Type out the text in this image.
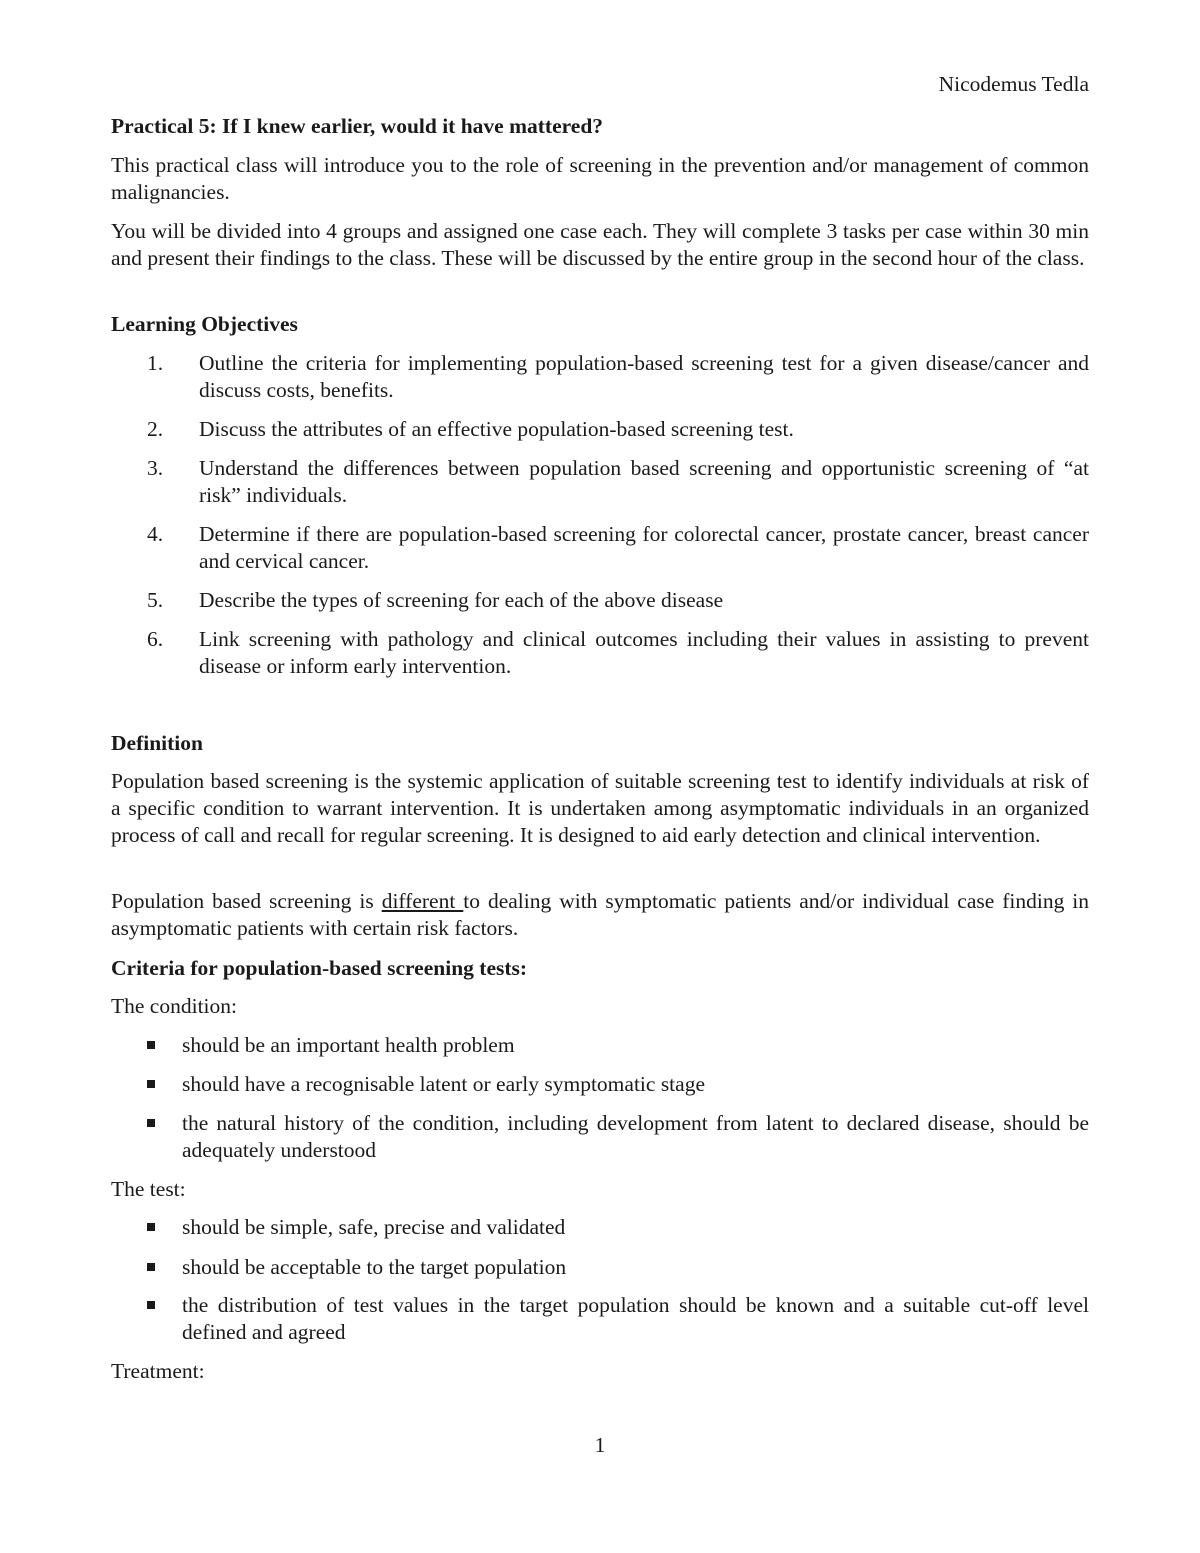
Nicodemus Tedla
Practical 5: If I knew earlier, would it have mattered?
This practical class will introduce you to the role of screening in the prevention and/or management of common malignancies.
You will be divided into 4 groups and assigned one case each. They will complete 3 tasks per case within 30 min and present their findings to the class. These will be discussed by the entire group in the second hour of the class.
Learning Objectives
1. Outline the criteria for implementing population-based screening test for a given disease/cancer and discuss costs, benefits.
2. Discuss the attributes of an effective population-based screening test.
3. Understand the differences between population based screening and opportunistic screening of “at risk” individuals.
4. Determine if there are population-based screening for colorectal cancer, prostate cancer, breast cancer and cervical cancer.
5. Describe the types of screening for each of the above disease
6. Link screening with pathology and clinical outcomes including their values in assisting to prevent disease or inform early intervention.
Definition
Population based screening is the systemic application of suitable screening test to identify individuals at risk of a specific condition to warrant intervention. It is undertaken among asymptomatic individuals in an organized process of call and recall for regular screening. It is designed to aid early detection and clinical intervention.
Population based screening is different to dealing with symptomatic patients and/or individual case finding in asymptomatic patients with certain risk factors.
Criteria for population-based screening tests:
The condition:
should be an important health problem
should have a recognisable latent or early symptomatic stage
the natural history of the condition, including development from latent to declared disease, should be adequately understood
The test:
should be simple, safe, precise and validated
should be acceptable to the target population
the distribution of test values in the target population should be known and a suitable cut-off level defined and agreed
Treatment:
1
